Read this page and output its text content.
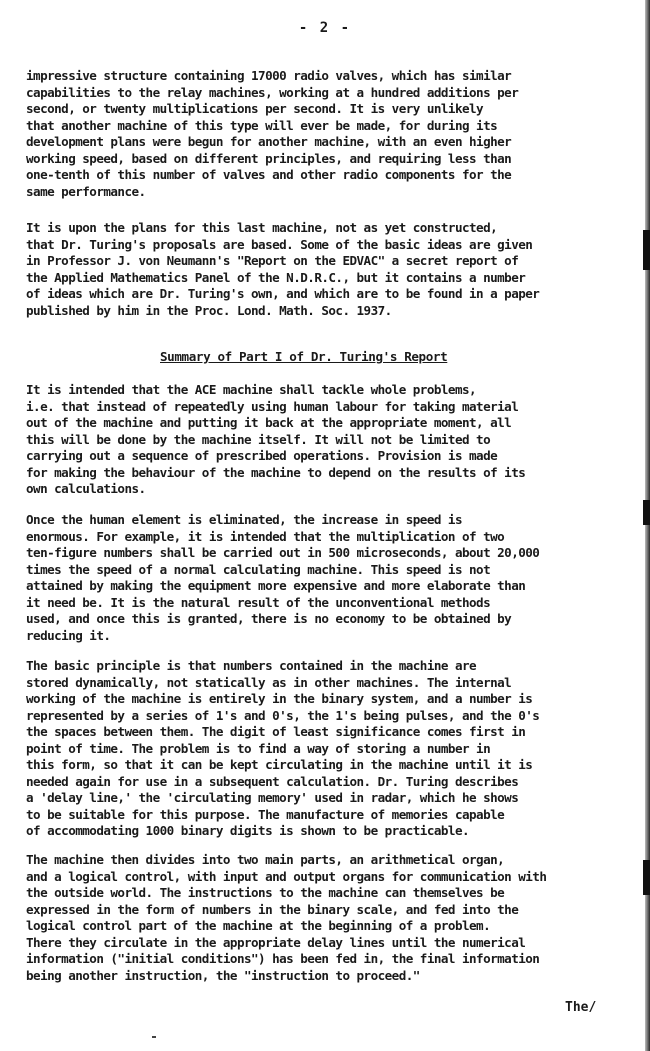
- 2 -
impressive structure containing 17000 radio valves, which has similar
capabilities to the relay machines, working at a hundred additions per
second, or twenty multiplications per second. It is very unlikely
that another machine of this type will ever be made, for during its
development plans were begun for another machine, with an even higher
working speed, based on different principles, and requiring less than
one-tenth of this number of valves and other radio components for the
same performance.
It is upon the plans for this last machine, not as yet constructed,
that Dr. Turing's proposals are based. Some of the basic ideas are given
in Professor J. von Neumann's "Report on the EDVAC" a secret report of
the Applied Mathematics Panel of the N.D.R.C., but it contains a number
of ideas which are Dr. Turing's own, and which are to be found in a paper
published by him in the Proc. Lond. Math. Soc. 1937.
Summary of Part I of Dr. Turing's Report
It is intended that the ACE machine shall tackle whole problems,
i.e. that instead of repeatedly using human labour for taking material
out of the machine and putting it back at the appropriate moment, all
this will be done by the machine itself. It will not be limited to
carrying out a sequence of prescribed operations. Provision is made
for making the behaviour of the machine to depend on the results of its
own calculations.
Once the human element is eliminated, the increase in speed is
enormous. For example, it is intended that the multiplication of two
ten-figure numbers shall be carried out in 500 microseconds, about 20,000
times the speed of a normal calculating machine. This speed is not
attained by making the equipment more expensive and more elaborate than
it need be. It is the natural result of the unconventional methods
used, and once this is granted, there is no economy to be obtained by
reducing it.
The basic principle is that numbers contained in the machine are
stored dynamically, not statically as in other machines. The internal
working of the machine is entirely in the binary system, and a number is
represented by a series of 1's and 0's, the 1's being pulses, and the 0's
the spaces between them. The digit of least significance comes first in
point of time. The problem is to find a way of storing a number in
this form, so that it can be kept circulating in the machine until it is
needed again for use in a subsequent calculation. Dr. Turing describes
a 'delay line,' the 'circulating memory' used in radar, which he shows
to be suitable for this purpose. The manufacture of memories capable
of accommodating 1000 binary digits is shown to be practicable.
The machine then divides into two main parts, an arithmetical organ,
and a logical control, with input and output organs for communication with
the outside world. The instructions to the machine can themselves be
expressed in the form of numbers in the binary scale, and fed into the
logical control part of the machine at the beginning of a problem.
There they circulate in the appropriate delay lines until the numerical
information ("initial conditions") has been fed in, the final information
being another instruction, the "instruction to proceed."
The/
